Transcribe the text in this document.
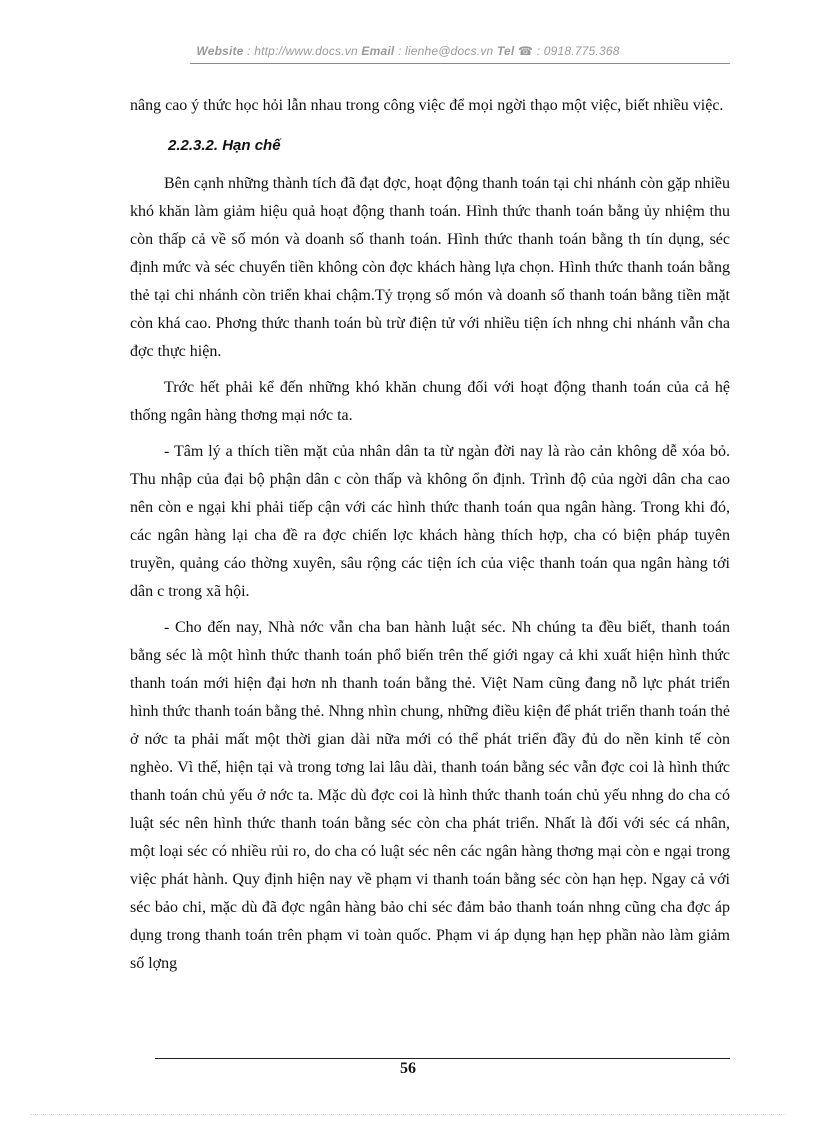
Website : http://www.docs.vn Email : lienhe@docs.vn Tel ☎ : 0918.775.368

nâng cao ý thức học hỏi lẫn nhau trong công việc để mọi ngời thạo một việc, biết nhiều việc.

2.2.3.2. Hạn chế

Bên cạnh những thành tích đã đạt đợc, hoạt động thanh toán tại chi nhánh còn gặp nhiều khó khăn làm giảm hiệu quả hoạt động thanh toán. Hình thức thanh toán bằng ủy nhiệm thu còn thấp cả về số món và doanh số thanh toán. Hình thức thanh toán bằng th tín dụng, séc định mức và séc chuyển tiền không còn đợc khách hàng lựa chọn. Hình thức thanh toán bằng thẻ tại chi nhánh còn triển khai chậm.Tỷ trọng số món và doanh số thanh toán bằng tiền mặt còn khá cao. Phơng thức thanh toán bù trừ điện tử với nhiều tiện ích nhng chi nhánh vẫn cha đợc thực hiện.

Trớc hết phải kể đến những khó khăn chung đối với hoạt động thanh toán của cả hệ thống ngân hàng thơng mại nớc ta.

- Tâm lý a thích tiền mặt của nhân dân ta từ ngàn đời nay là rào cản không dễ xóa bỏ. Thu nhập của đại bộ phận dân c còn thấp và không ổn định. Trình độ của ngời dân cha cao nên còn e ngại khi phải tiếp cận với các hình thức thanh toán qua ngân hàng. Trong khi đó, các ngân hàng lại cha đề ra đợc chiến lợc khách hàng thích hợp, cha có biện pháp tuyên truyền, quảng cáo thờng xuyên, sâu rộng các tiện ích của việc thanh toán qua ngân hàng tới dân c trong xã hội.

- Cho đến nay, Nhà nớc vẫn cha ban hành luật séc. Nh chúng ta đều biết, thanh toán bằng séc là một hình thức thanh toán phổ biến trên thế giới ngay cả khi xuất hiện hình thức thanh toán mới hiện đại hơn nh thanh toán bằng thẻ. Việt Nam cũng đang nỗ lực phát triển hình thức thanh toán bằng thẻ. Nhng nhìn chung, những điều kiện để phát triển thanh toán thẻ ở nớc ta phải mất một thời gian dài nữa mới có thể phát triển đầy đủ do nền kinh tế còn nghèo. Vì thế, hiện tại và trong tơng lai lâu dài, thanh toán bằng séc vẫn đợc coi là hình thức thanh toán chủ yếu ở nớc ta. Mặc dù đợc coi là hình thức thanh toán chủ yếu nhng do cha có luật séc nên hình thức thanh toán bằng séc còn cha phát triển. Nhất là đối với séc cá nhân, một loại séc có nhiều rủi ro, do cha có luật séc nên các ngân hàng thơng mại còn e ngại trong việc phát hành. Quy định hiện nay về phạm vi thanh toán bằng séc còn hạn hẹp. Ngay cả với séc bảo chi, mặc dù đã đợc ngân hàng bảo chi séc đảm bảo thanh toán nhng cũng cha đợc áp dụng trong thanh toán trên phạm vi toàn quốc. Phạm vi áp dụng hạn hẹp phần nào làm giảm số lợng

56
